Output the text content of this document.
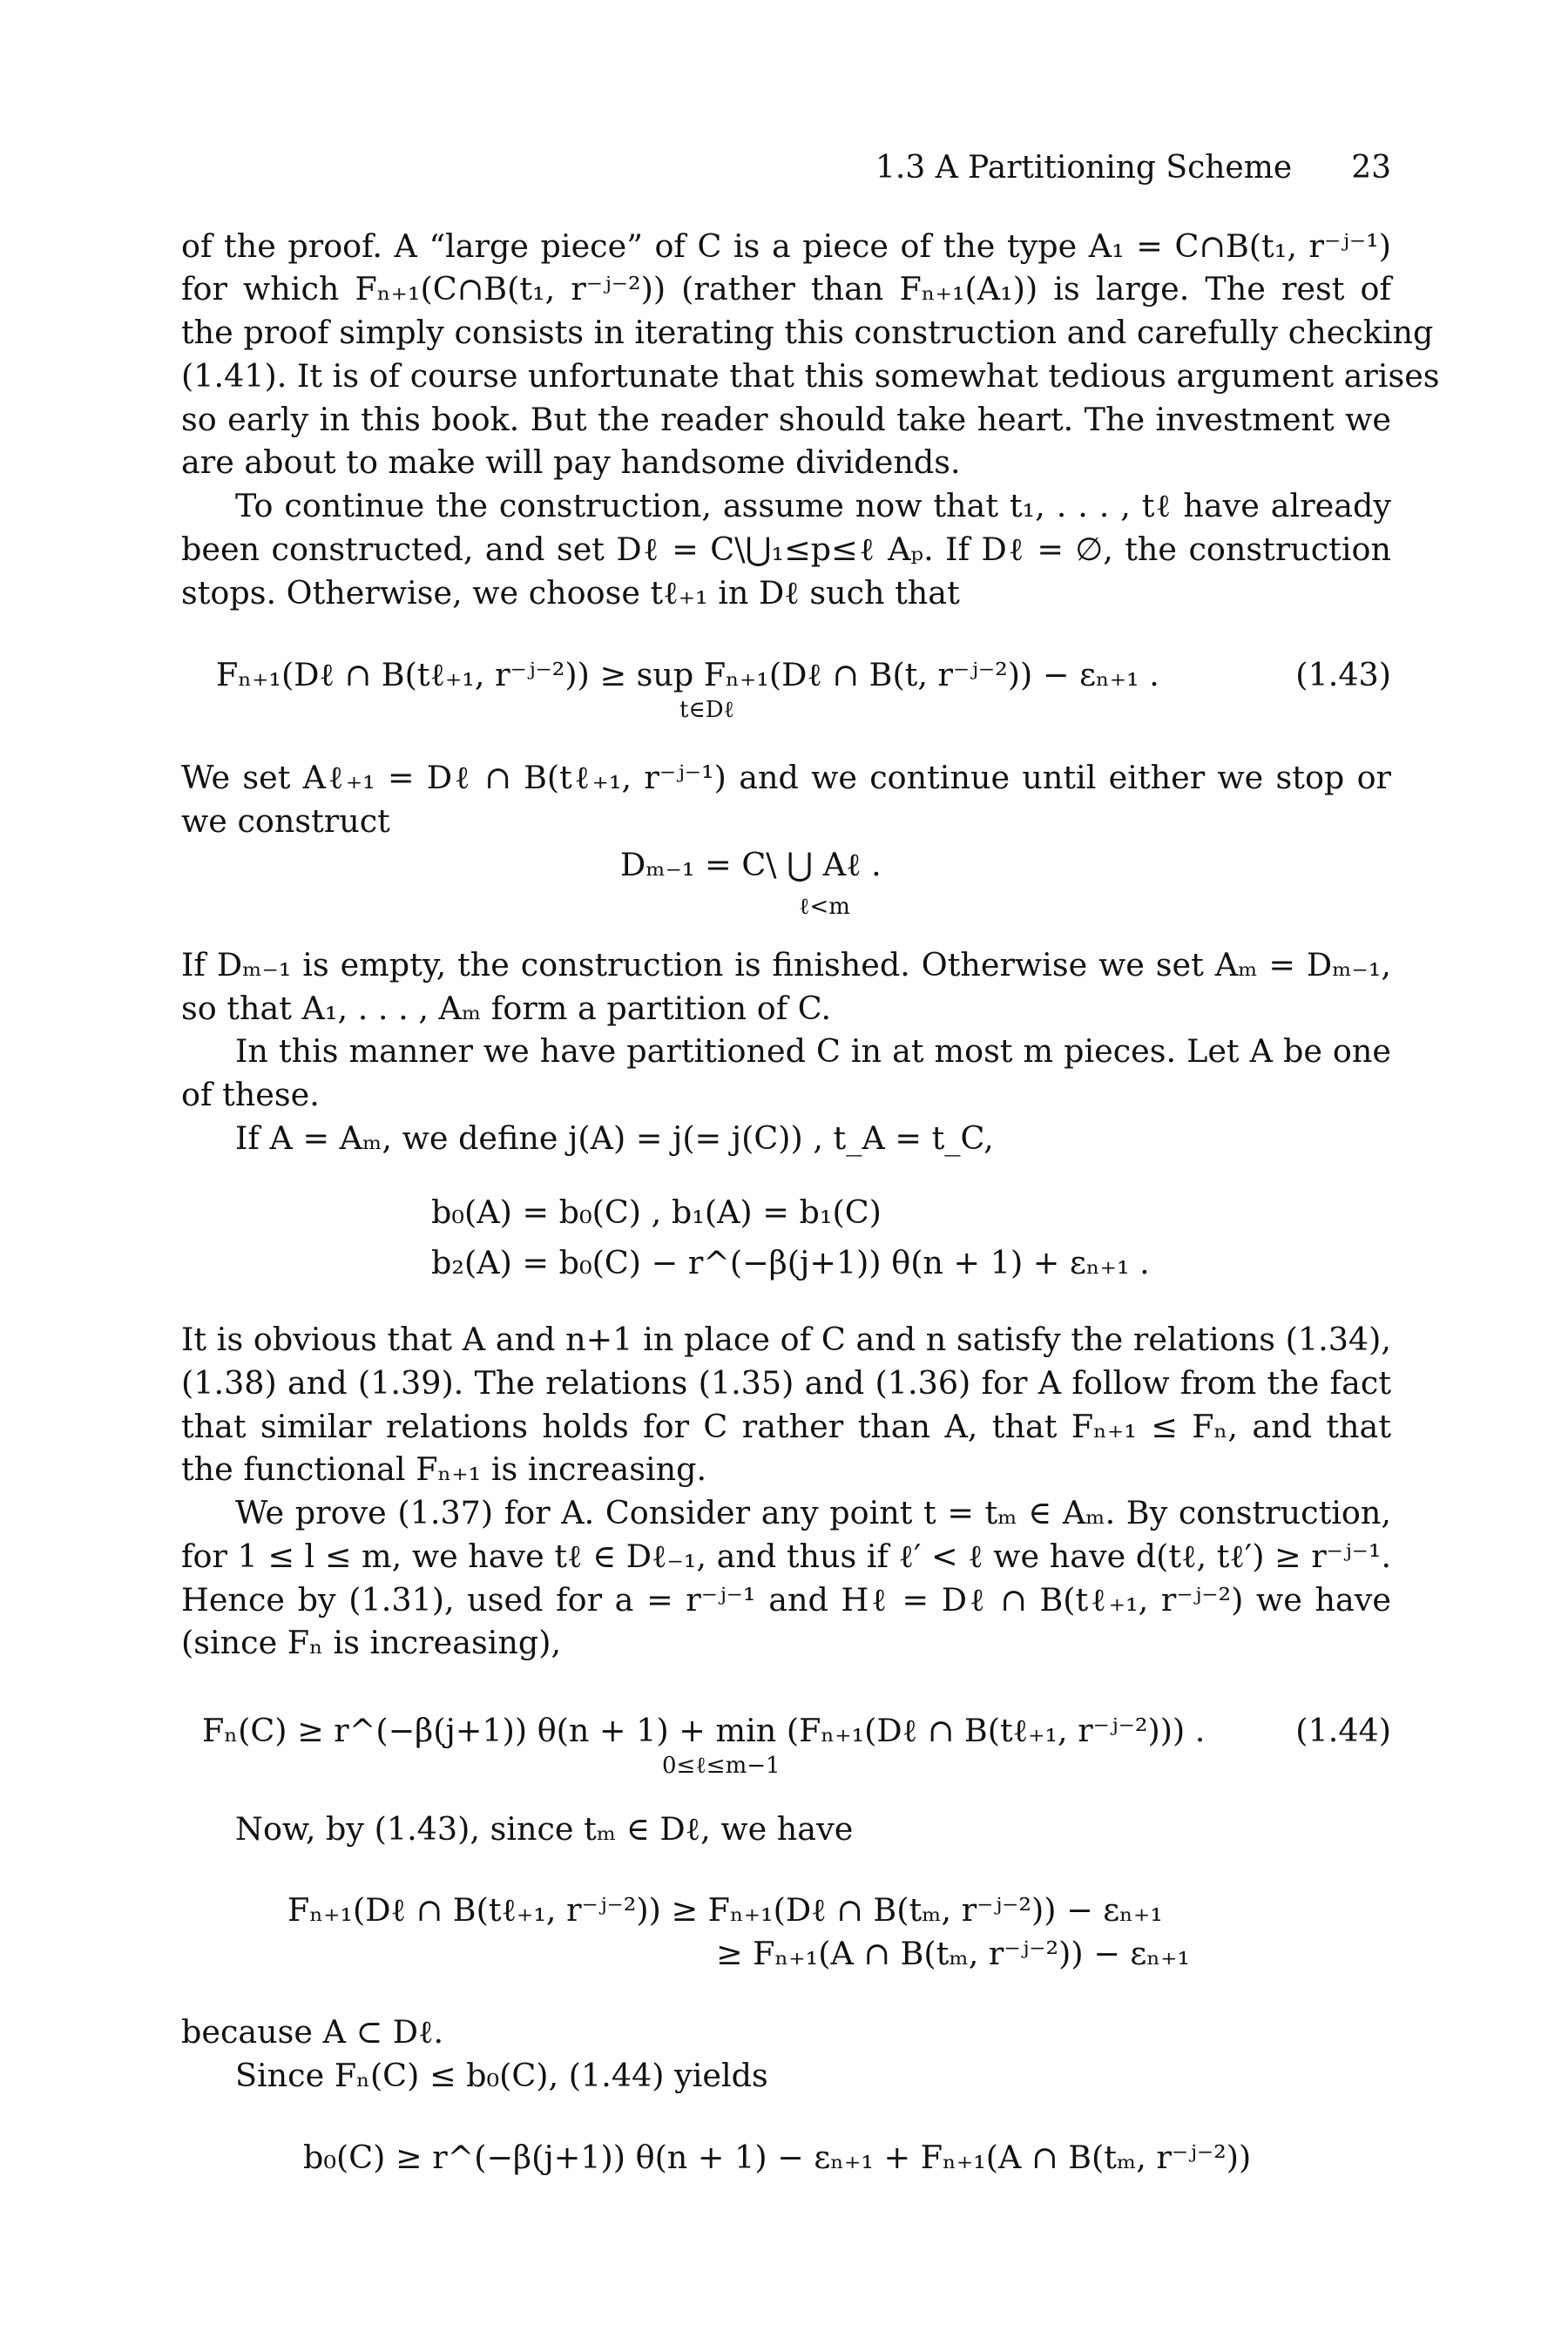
1.3 A Partitioning Scheme 23
of the proof. A “large piece” of C is a piece of the type A₁ = C∩B(t₁, r⁻ʲ⁻¹)
for which Fₙ₊₁(C∩B(t₁, r⁻ʲ⁻²)) (rather than Fₙ₊₁(A₁)) is large. The rest of
the proof simply consists in iterating this construction and carefully checking
(1.41). It is of course unfortunate that this somewhat tedious argument arises
so early in this book. But the reader should take heart. The investment we
are about to make will pay handsome dividends.
To continue the construction, assume now that t₁, . . . , tℓ have already
been constructed, and set Dℓ = C\⋃₁≤p≤ℓ Aₚ. If Dℓ = ∅, the construction
stops. Otherwise, we choose tℓ₊₁ in Dℓ such that
Fₙ₊₁(Dℓ ∩ B(tℓ₊₁, r⁻ʲ⁻²)) ≥ sup Fₙ₊₁(Dℓ ∩ B(t, r⁻ʲ⁻²)) − εₙ₊₁ .
t∈Dℓ
(1.43)
We set Aℓ₊₁ = Dℓ ∩ B(tℓ₊₁, r⁻ʲ⁻¹) and we continue until either we stop or
we construct
Dₘ₋₁ = C\ ⋃ Aℓ .
ℓ<m
If Dₘ₋₁ is empty, the construction is finished. Otherwise we set Aₘ = Dₘ₋₁,
so that A₁, . . . , Aₘ form a partition of C.
In this manner we have partitioned C in at most m pieces. Let A be one
of these.
If A = Aₘ, we define j(A) = j(= j(C)) , t_A = t_C,
b₀(A) = b₀(C) , b₁(A) = b₁(C)
b₂(A) = b₀(C) − r^(−β(j+1)) θ(n + 1) + εₙ₊₁ .
It is obvious that A and n+1 in place of C and n satisfy the relations (1.34),
(1.38) and (1.39). The relations (1.35) and (1.36) for A follow from the fact
that similar relations holds for C rather than A, that Fₙ₊₁ ≤ Fₙ, and that
the functional Fₙ₊₁ is increasing.
We prove (1.37) for A. Consider any point t = tₘ ∈ Aₘ. By construction,
for 1 ≤ l ≤ m, we have tℓ ∈ Dℓ₋₁, and thus if ℓ′ < ℓ we have d(tℓ, tℓ′) ≥ r⁻ʲ⁻¹.
Hence by (1.31), used for a = r⁻ʲ⁻¹ and Hℓ = Dℓ ∩ B(tℓ₊₁, r⁻ʲ⁻²) we have
(since Fₙ is increasing),
Fₙ(C) ≥ r^(−β(j+1)) θ(n + 1) + min (Fₙ₊₁(Dℓ ∩ B(tℓ₊₁, r⁻ʲ⁻²))) .
0≤ℓ≤m−1
(1.44)
Now, by (1.43), since tₘ ∈ Dℓ, we have
Fₙ₊₁(Dℓ ∩ B(tℓ₊₁, r⁻ʲ⁻²)) ≥ Fₙ₊₁(Dℓ ∩ B(tₘ, r⁻ʲ⁻²)) − εₙ₊₁
≥ Fₙ₊₁(A ∩ B(tₘ, r⁻ʲ⁻²)) − εₙ₊₁
because A ⊂ Dℓ.
Since Fₙ(C) ≤ b₀(C), (1.44) yields
b₀(C) ≥ r^(−β(j+1)) θ(n + 1) − εₙ₊₁ + Fₙ₊₁(A ∩ B(tₘ, r⁻ʲ⁻²))
